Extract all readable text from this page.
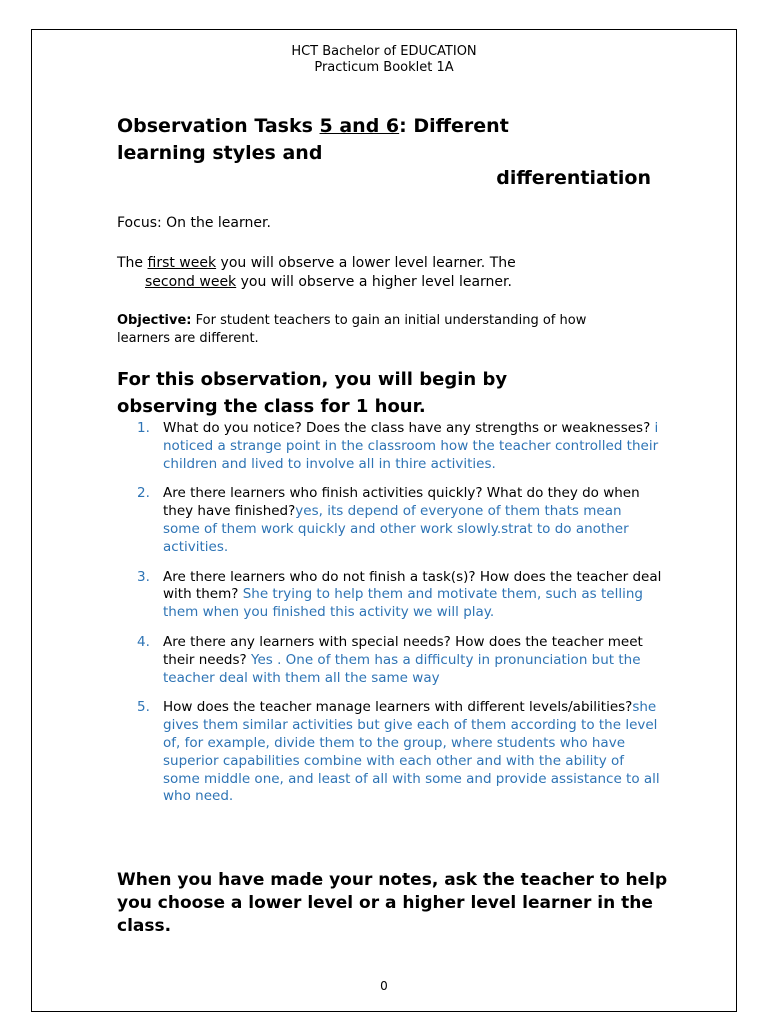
HCT Bachelor of EDUCATION
Practicum Booklet 1A
Observation Tasks 5 and 6: Different
learning styles and
differentiation
Focus: On the learner.
The first week you will observe a lower level learner. The
second week you will observe a higher level learner.
Objective: For student teachers to gain an initial understanding of how
learners are different.
For this observation, you will begin by
observing the class for 1 hour.
1. What do you notice? Does the class have any strengths or weaknesses? i noticed a strange point in the classroom how the teacher controlled their children and lived to involve all in thire activities.
2. Are there learners who finish activities quickly? What do they do when they have finished?yes, its depend of everyone of them thats mean some of them work quickly and other work slowly.strat to do another activities.
3. Are there learners who do not finish a task(s)? How does the teacher deal with them? She trying to help them and motivate them, such as telling them when you finished this activity we will play.
4. Are there any learners with special needs? How does the teacher meet their needs? Yes . One of them has a difficulty in pronunciation but the teacher deal with them all the same way
5. How does the teacher manage learners with different levels/abilities?she gives them similar activities but give each of them according to the level of, for example, divide them to the group, where students who have superior capabilities combine with each other and with the ability of some middle one, and least of all with some and provide assistance to all who need.
When you have made your notes, ask the teacher to help you choose a lower level or a higher level learner in the class.
0
